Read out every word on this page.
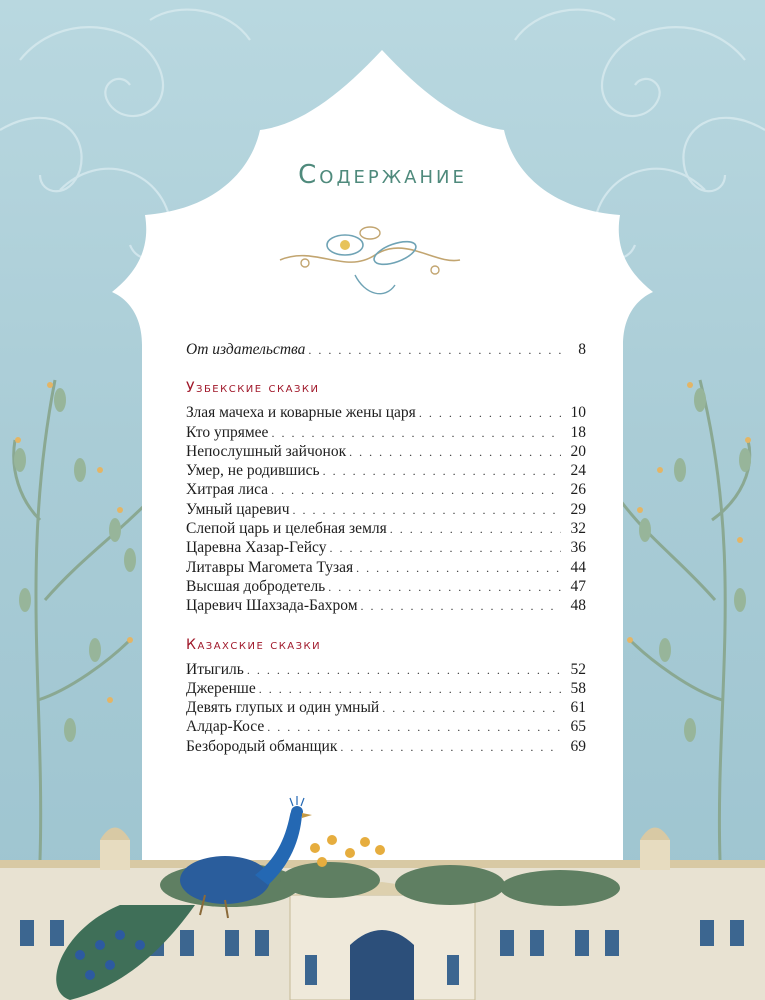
Содержание
От издательства . . .	8
Узбекские сказки
Злая мачеха и коварные жены царя . . .	10
Кто упрямее . . .	18
Непослушный зайчонок . . .	20
Умер, не родившись . . .	24
Хитрая лиса . . .	26
Умный царевич . . .	29
Слепой царь и целебная земля . . .	32
Царевна Хазар-Гейсу . . .	36
Литавры Магомета Тузая . . .	44
Высшая добродетель . . .	47
Царевич Шахзада-Бахром . . .	48
Казахские сказки
Итыгиль . . .	52
Джеренше . . .	58
Девять глупых и один умный . . .	61
Алдар-Косе . . .	65
Безбородый обманщик . . .	69
